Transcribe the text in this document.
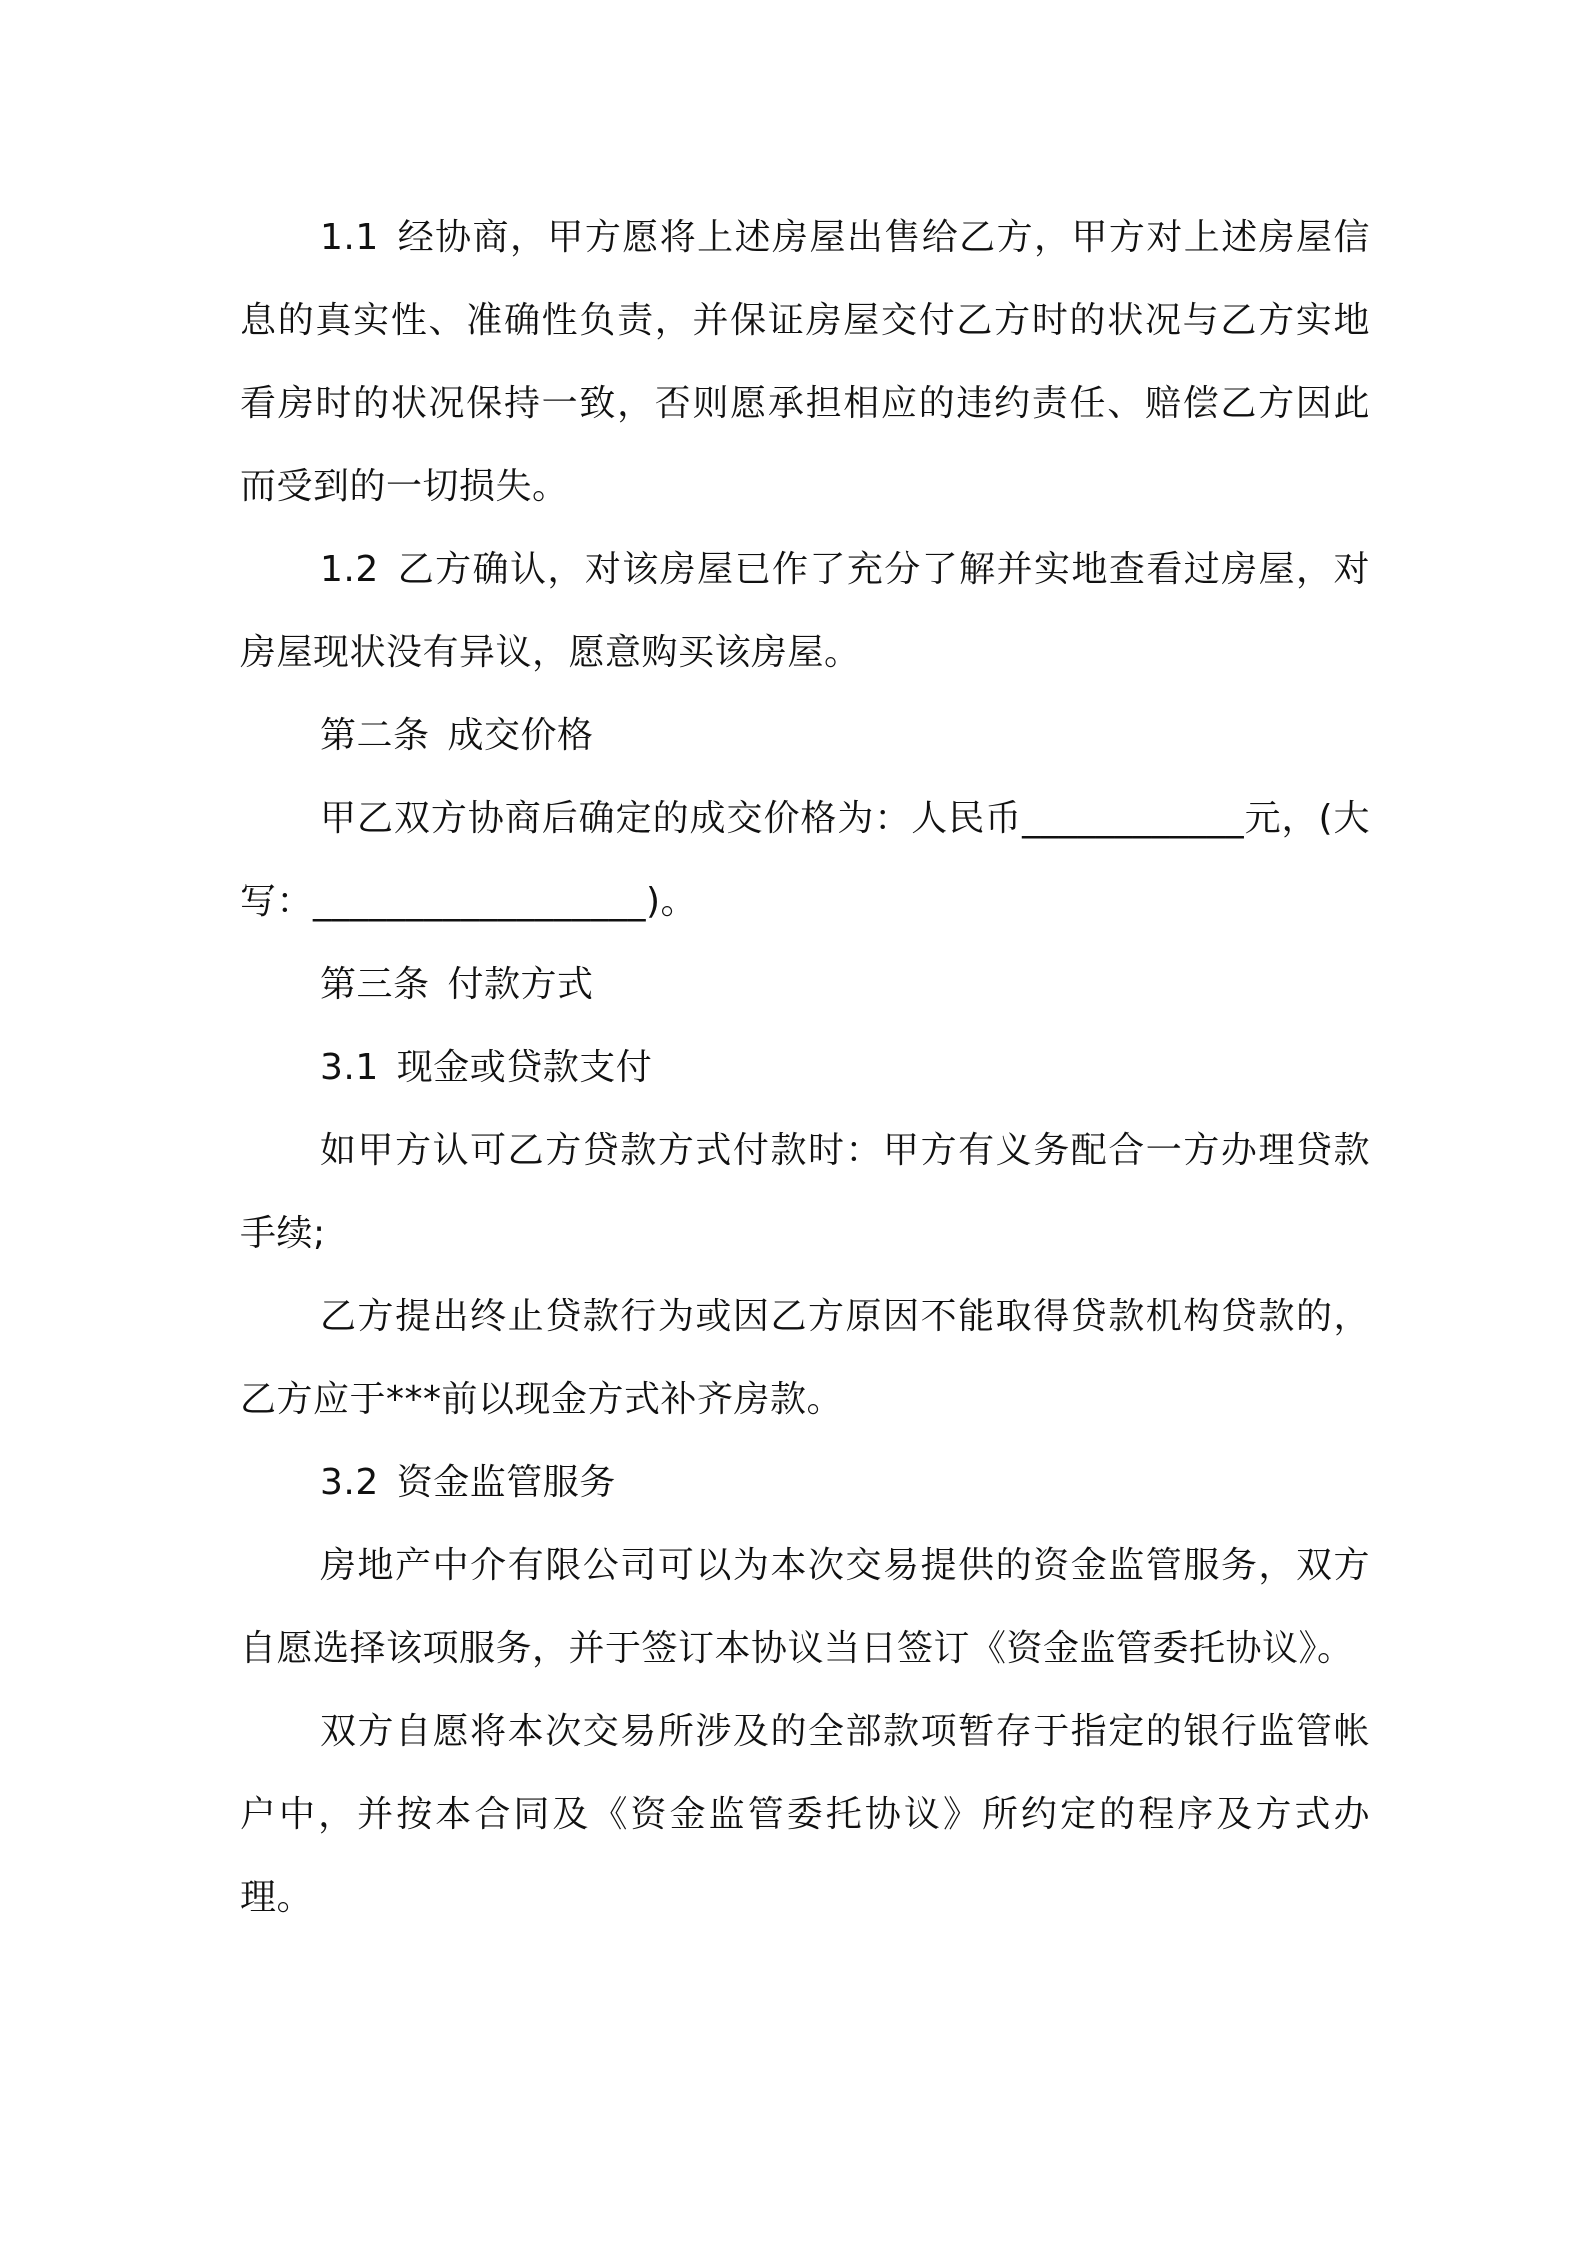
1.1 经协商，甲方愿将上述房屋出售给乙方，甲方对上述房屋信息的真实性、准确性负责，并保证房屋交付乙方时的状况与乙方实地看房时的状况保持一致，否则愿承担相应的违约责任、赔偿乙方因此而受到的一切损失。

1.2 乙方确认，对该房屋已作了充分了解并实地查看过房屋，对房屋现状没有异议，愿意购买该房屋。

第二条 成交价格

甲乙双方协商后确定的成交价格为：人民币____________元，(大写：__________________)。

第三条 付款方式

3.1 现金或贷款支付

如甲方认可乙方贷款方式付款时：甲方有义务配合一方办理贷款手续;

乙方提出终止贷款行为或因乙方原因不能取得贷款机构贷款的，乙方应于***前以现金方式补齐房款。

3.2 资金监管服务

房地产中介有限公司可以为本次交易提供的资金监管服务，双方自愿选择该项服务，并于签订本协议当日签订《资金监管委托协议》。

双方自愿将本次交易所涉及的全部款项暂存于指定的银行监管帐户中，并按本合同及《资金监管委托协议》所约定的程序及方式办理。
